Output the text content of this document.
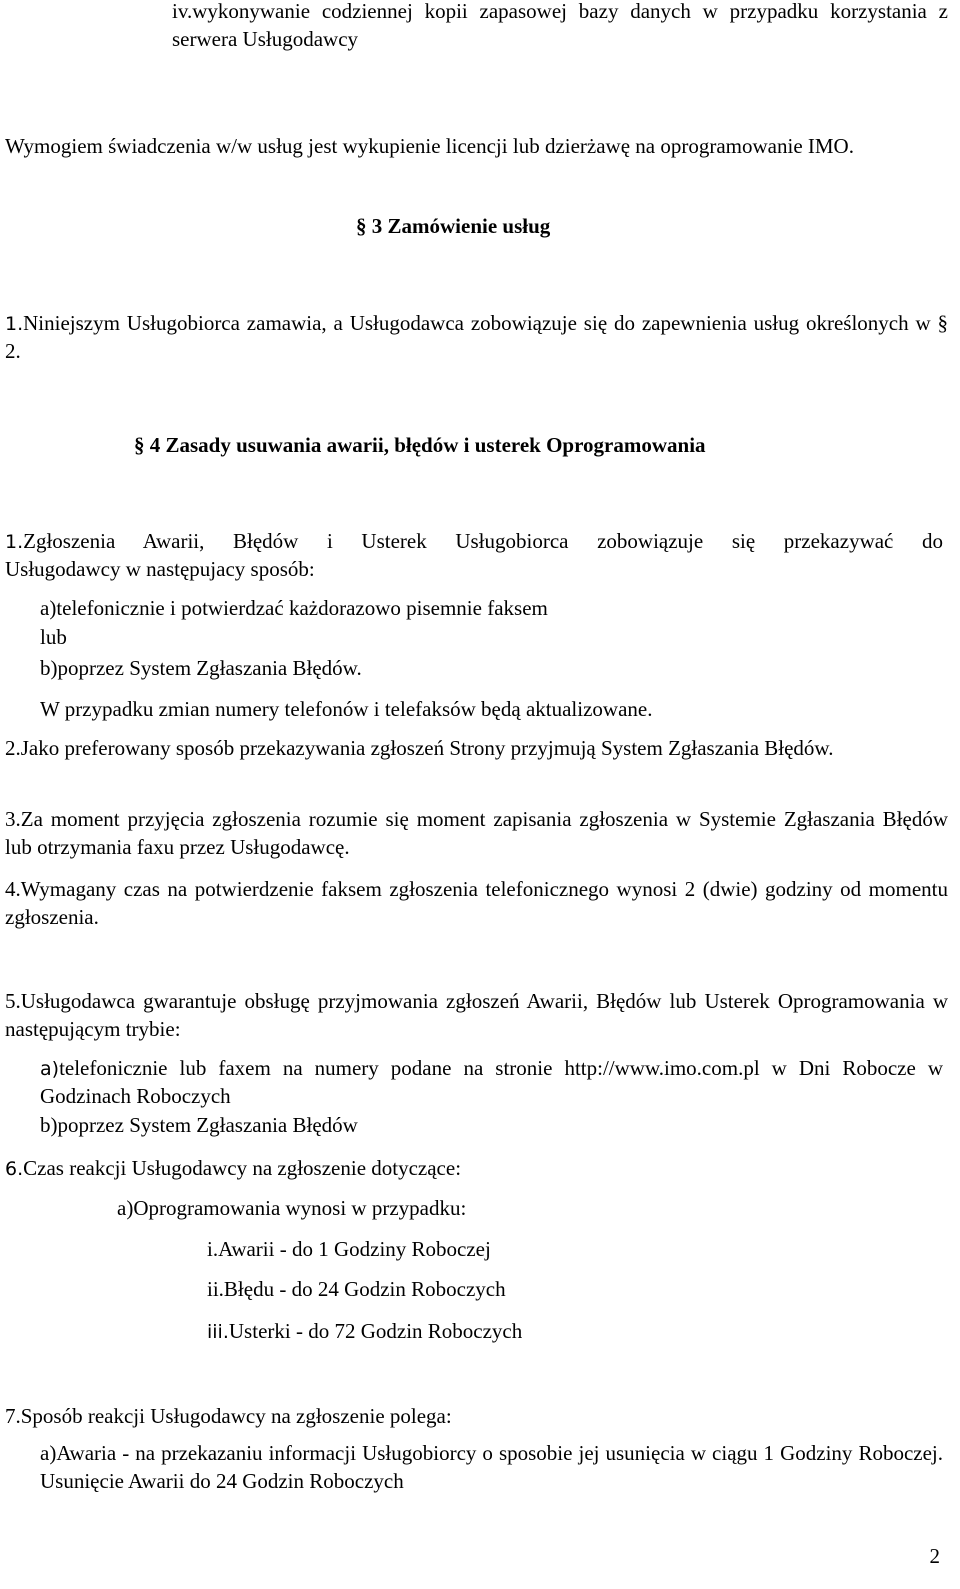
iv.wykonywanie codziennej kopii zapasowej bazy danych w przypadku korzystania z serwera Usługodawcy

Wymogiem świadczenia w/w usług jest wykupienie licencji lub dzierżawę na oprogramowanie IMO.

§ 3 Zamówienie usług

1.Niniejszym Usługobiorca zamawia, a Usługodawca zobowiązuje się do zapewnienia usług określonych w § 2.

§ 4 Zasady usuwania awarii, błędów i usterek Oprogramowania

1.Zgłoszenia Awarii, Błędów i Usterek Usługobiorca zobowiązuje się przekazywać do

Usługodawcy w następujacy sposób:

a)telefonicznie i potwierdzać każdorazowo pisemnie faksem

lub

b)poprzez System Zgłaszania Błędów.

W przypadku zmian numery telefonów i telefaksów będą aktualizowane.

2.Jako preferowany sposób przekazywania zgłoszeń Strony przyjmują System Zgłaszania Błędów.

3.Za moment przyjęcia zgłoszenia rozumie się moment zapisania zgłoszenia w Systemie Zgłaszania Błędów lub otrzymania faxu przez Usługodawcę.

4.Wymagany czas na potwierdzenie faksem zgłoszenia telefonicznego wynosi 2 (dwie) godziny od momentu zgłoszenia.

5.Usługodawca gwarantuje obsługę przyjmowania zgłoszeń Awarii, Błędów lub Usterek Oprogramowania w następującym trybie:

a)telefonicznie lub faxem na numery podane na stronie http://www.imo.com.pl w Dni Robocze w Godzinach Roboczych

b)poprzez System Zgłaszania Błędów

6.Czas reakcji Usługodawcy na zgłoszenie dotyczące:

a)Oprogramowania wynosi w przypadku:

i.Awarii - do 1 Godziny Roboczej

ii.Błędu - do 24 Godzin Roboczych

iii.Usterki - do 72 Godzin Roboczych

7.Sposób reakcji Usługodawcy na zgłoszenie polega:

a)Awaria - na przekazaniu informacji Usługobiorcy o sposobie jej usunięcia w ciągu 1 Godziny Roboczej. Usunięcie Awarii do 24 Godzin Roboczych

2
